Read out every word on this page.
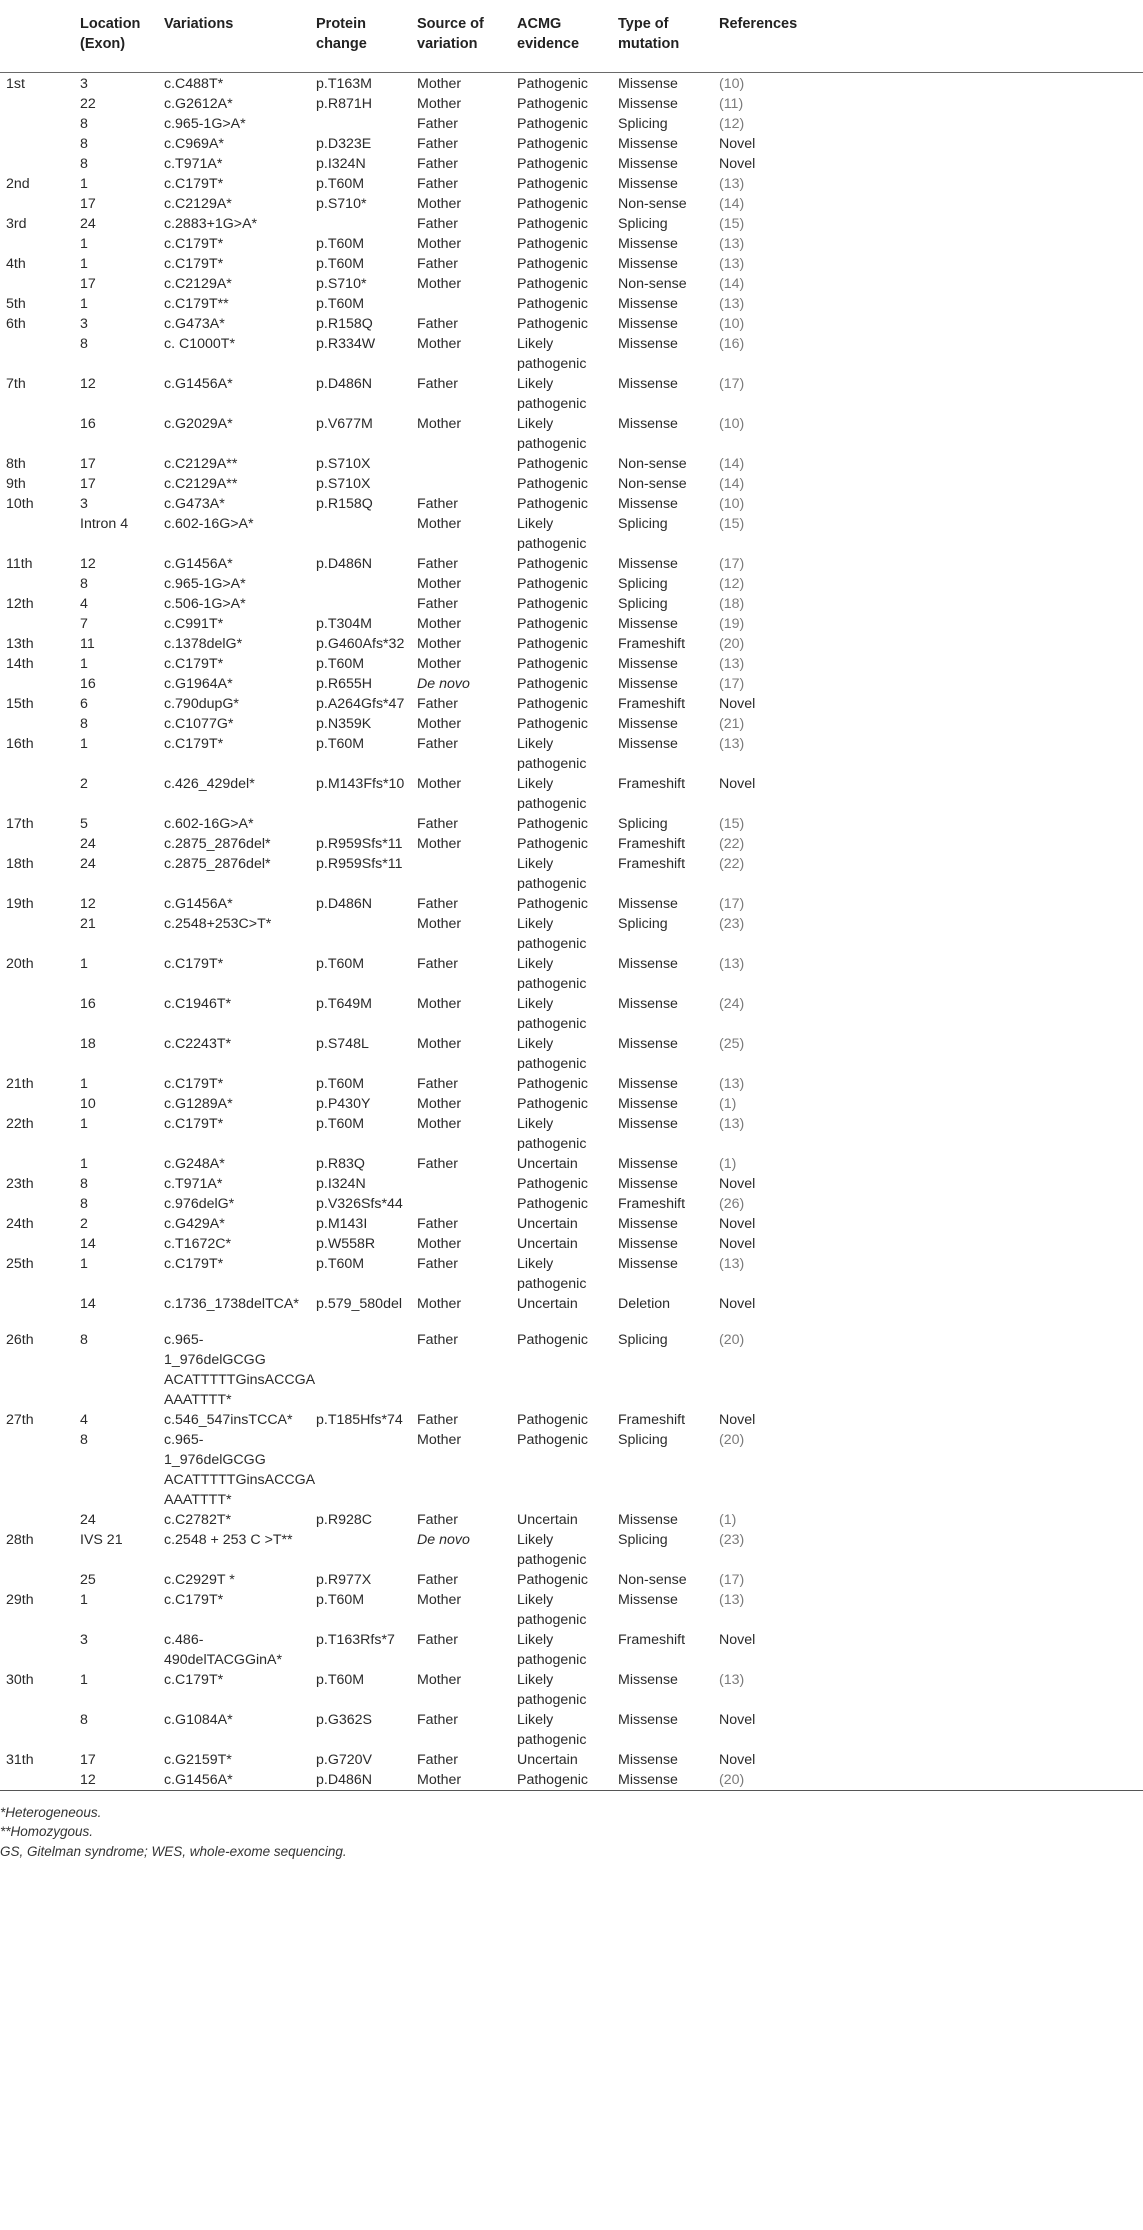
	Location (Exon)	Variations	Protein change	Source of variation	ACMG evidence	Type of mutation	References
1st	3	c.C488T*	p.T163M	Mother	Pathogenic	Missense	(10)
	22	c.G2612A*	p.R871H	Mother	Pathogenic	Missense	(11)
	8	c.965-1G>A*		Father	Pathogenic	Splicing	(12)
	8	c.C969A*	p.D323E	Father	Pathogenic	Missense	Novel
	8	c.T971A*	p.I324N	Father	Pathogenic	Missense	Novel
2nd	1	c.C179T*	p.T60M	Father	Pathogenic	Missense	(13)
	17	c.C2129A*	p.S710*	Mother	Pathogenic	Non-sense	(14)
3rd	24	c.2883+1G>A*		Father	Pathogenic	Splicing	(15)
	1	c.C179T*	p.T60M	Mother	Pathogenic	Missense	(13)
4th	1	c.C179T*	p.T60M	Father	Pathogenic	Missense	(13)
	17	c.C2129A*	p.S710*	Mother	Pathogenic	Non-sense	(14)
5th	1	c.C179T**	p.T60M		Pathogenic	Missense	(13)
6th	3	c.G473A*	p.R158Q	Father	Pathogenic	Missense	(10)
	8	c. C1000T*	p.R334W	Mother	Likely pathogenic	Missense	(16)
7th	12	c.G1456A*	p.D486N	Father	Likely pathogenic	Missense	(17)
	16	c.G2029A*	p.V677M	Mother	Likely pathogenic	Missense	(10)
8th	17	c.C2129A**	p.S710X		Pathogenic	Non-sense	(14)
9th	17	c.C2129A**	p.S710X		Pathogenic	Non-sense	(14)
10th	3	c.G473A*	p.R158Q	Father	Pathogenic	Missense	(10)
	Intron 4	c.602-16G>A*		Mother	Likely pathogenic	Splicing	(15)
11th	12	c.G1456A*	p.D486N	Father	Pathogenic	Missense	(17)
	8	c.965-1G>A*		Mother	Pathogenic	Splicing	(12)
12th	4	c.506-1G>A*		Father	Pathogenic	Splicing	(18)
	7	c.C991T*	p.T304M	Mother	Pathogenic	Missense	(19)
13th	11	c.1378delG*	p.G460Afs*32	Mother	Pathogenic	Frameshift	(20)
14th	1	c.C179T*	p.T60M	Mother	Pathogenic	Missense	(13)
	16	c.G1964A*	p.R655H	De novo	Pathogenic	Missense	(17)
15th	6	c.790dupG*	p.A264Gfs*47	Father	Pathogenic	Frameshift	Novel
	8	c.C1077G*	p.N359K	Mother	Pathogenic	Missense	(21)
16th	1	c.C179T*	p.T60M	Father	Likely pathogenic	Missense	(13)
	2	c.426_429del*	p.M143Ffs*10	Mother	Likely pathogenic	Frameshift	Novel
17th	5	c.602-16G>A*		Father	Pathogenic	Splicing	(15)
	24	c.2875_2876del*	p.R959Sfs*11	Mother	Pathogenic	Frameshift	(22)
18th	24	c.2875_2876del*	p.R959Sfs*11		Likely pathogenic	Frameshift	(22)
19th	12	c.G1456A*	p.D486N	Father	Pathogenic	Missense	(17)
	21	c.2548+253C>T*		Mother	Likely pathogenic	Splicing	(23)
20th	1	c.C179T*	p.T60M	Father	Likely pathogenic	Missense	(13)
	16	c.C1946T*	p.T649M	Mother	Likely pathogenic	Missense	(24)
	18	c.C2243T*	p.S748L	Mother	Likely pathogenic	Missense	(25)
21th	1	c.C179T*	p.T60M	Father	Pathogenic	Missense	(13)
	10	c.G1289A*	p.P430Y	Mother	Pathogenic	Missense	(1)
22th	1	c.C179T*	p.T60M	Mother	Likely pathogenic	Missense	(13)
	1	c.G248A*	p.R83Q	Father	Uncertain	Missense	(1)
23th	8	c.T971A*	p.I324N		Pathogenic	Missense	Novel
	8	c.976delG*	p.V326Sfs*44		Pathogenic	Frameshift	(26)
24th	2	c.G429A*	p.M143I	Father	Uncertain	Missense	Novel
	14	c.T1672C*	p.W558R	Mother	Uncertain	Missense	Novel
25th	1	c.C179T*	p.T60M	Father	Likely pathogenic	Missense	(13)
	14	c.1736_1738delTCA*	p.579_580del	Mother	Uncertain	Deletion	Novel
26th	8	c.965-1_976delGCGG ACATTTTTGinsACCGA AAATTTT*		Father	Pathogenic	Splicing	(20)
27th	4	c.546_547insTCCA*	p.T185Hfs*74	Father	Pathogenic	Frameshift	Novel
	8	c.965-1_976delGCGG ACATTTTTGinsACCGA AAATTTT*		Mother	Pathogenic	Splicing	(20)
	24	c.C2782T*	p.R928C	Father	Uncertain	Missense	(1)
28th	IVS 21	c.2548 + 253 C >T**		De novo	Likely pathogenic	Splicing	(23)
	25	c.C2929T *	p.R977X	Father	Pathogenic	Non-sense	(17)
29th	1	c.C179T*	p.T60M	Mother	Likely pathogenic	Missense	(13)
	3	c.486- 490delTACGGinA*	p.T163Rfs*7	Father	Likely pathogenic	Frameshift	Novel
30th	1	c.C179T*	p.T60M	Mother	Likely pathogenic	Missense	(13)
	8	c.G1084A*	p.G362S	Father	Likely pathogenic	Missense	Novel
31th	17	c.G2159T*	p.G720V	Father	Uncertain	Missense	Novel
	12	c.G1456A*	p.D486N	Mother	Pathogenic	Missense	(20)
*Heterogeneous.
**Homozygous.
GS, Gitelman syndrome; WES, whole-exome sequencing.
